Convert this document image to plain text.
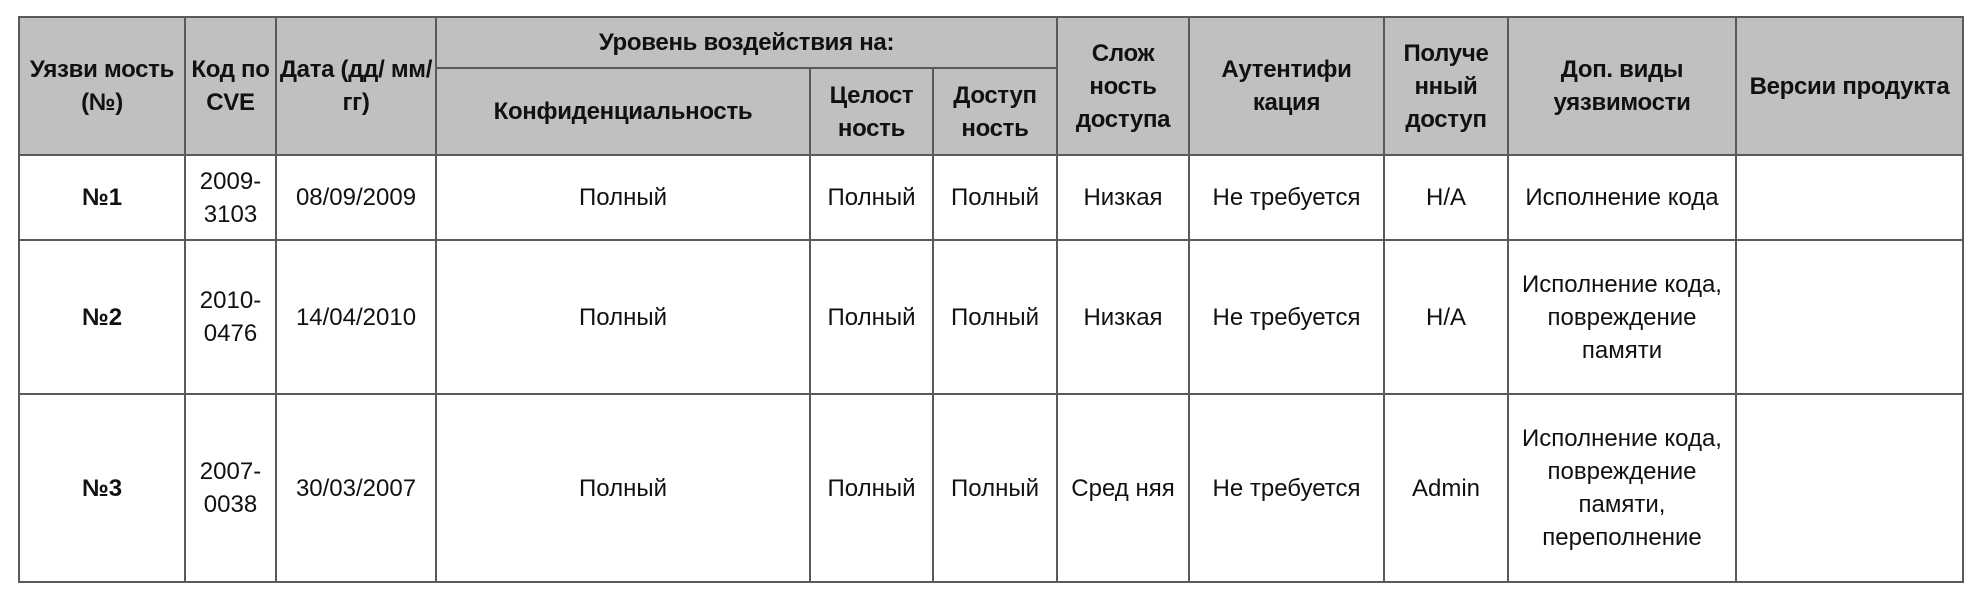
Уязви мость (№)	Код по CVE	Дата (дд/ мм/гг)	Уровень воздействия на:			Слож ность доступа	Аутентифи кация	Получе нный доступ	Доп. виды уязвимости	Версии продукта
			Конфиденциальность	Целост ность	Доступ ность					
№1	2009-3103	08/09/2009	Полный	Полный	Полный	Низкая	Не требуется	Н/А	Исполнение кода	
№2	2010-0476	14/04/2010	Полный	Полный	Полный	Низкая	Не требуется	Н/А	Исполнение кода, повреждение памяти	
№3	2007-0038	30/03/2007	Полный	Полный	Полный	Сред няя	Не требуется	Admin	Исполнение кода, повреждение памяти, переполнение	
